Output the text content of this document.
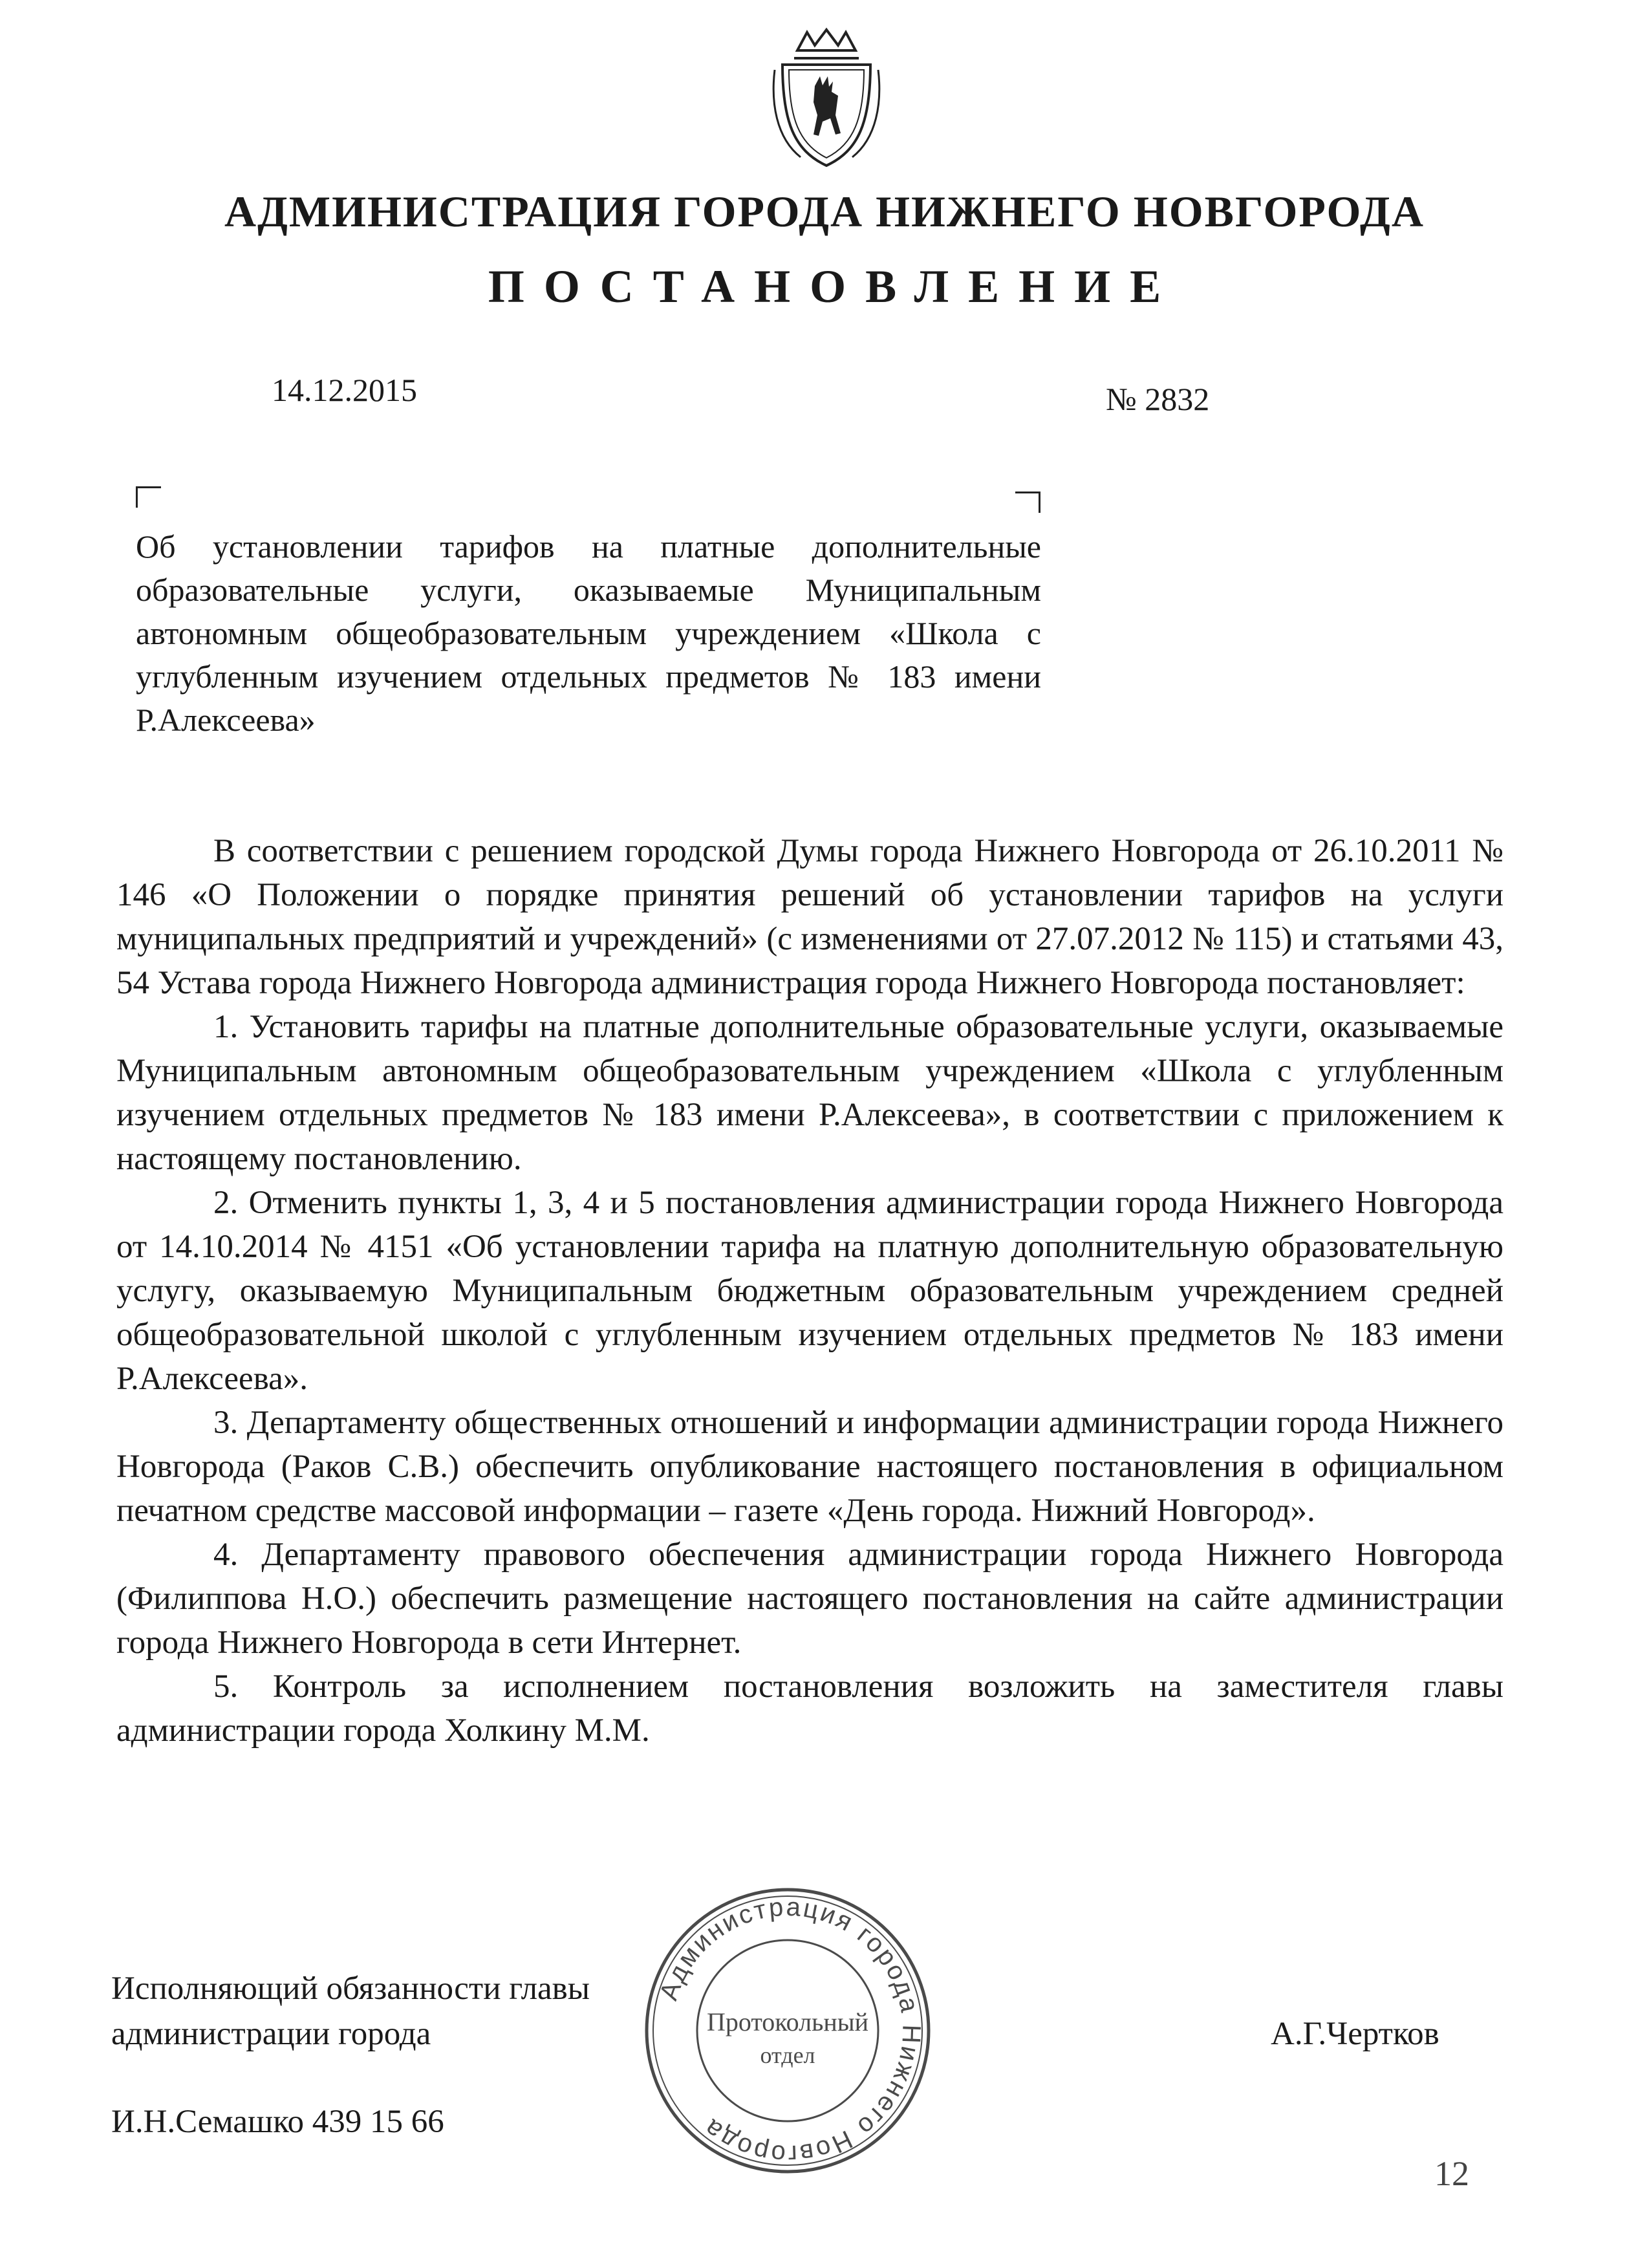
АДМИНИСТРАЦИЯ ГОРОДА НИЖНЕГО НОВГОРОДА
ПОСТАНОВЛЕНИЕ
14.12.2015	№ 2832
Об установлении тарифов на платные дополнительные образовательные услуги, оказываемые Муниципальным автономным общеобразовательным учреждением «Школа с углубленным изучением отдельных предметов № 183 имени Р.Алексеева»

В соответствии с решением городской Думы города Нижнего Новгорода от 26.10.2011 № 146 «О Положении о порядке принятия решений об установлении тарифов на услуги муниципальных предприятий и учреждений» (с изменениями от 27.07.2012 № 115) и статьями 43, 54 Устава города Нижнего Новгорода администрация города Нижнего Новгорода постановляет:

1. Установить тарифы на платные дополнительные образовательные услуги, оказываемые Муниципальным автономным общеобразовательным учреждением «Школа с углубленным изучением отдельных предметов № 183 имени Р.Алексеева», в соответствии с приложением к настоящему постановлению.

2. Отменить пункты 1, 3, 4 и 5 постановления администрации города Нижнего Новгорода от 14.10.2014 № 4151 «Об установлении тарифа на платную дополнительную образовательную услугу, оказываемую Муниципальным бюджетным образовательным учреждением средней общеобразовательной школой с углубленным изучением отдельных предметов № 183 имени Р.Алексеева».

3. Департаменту общественных отношений и информации администрации города Нижнего Новгорода (Раков С.В.) обеспечить опубликование настоящего постановления в официальном печатном средстве массовой информации – газете «День города. Нижний Новгород».

4. Департаменту правового обеспечения администрации города Нижнего Новгорода (Филиппова Н.О.) обеспечить размещение настоящего постановления на сайте администрации города Нижнего Новгорода в сети Интернет.

5. Контроль за исполнением постановления возложить на заместителя главы администрации города Холкину М.М.

Исполняющий обязанности главы
администрации города	А.Г.Чертков
И.Н.Семашко 439 15 66
12
Администрация города Нижнего Новгорода
Протокольный
отдел
